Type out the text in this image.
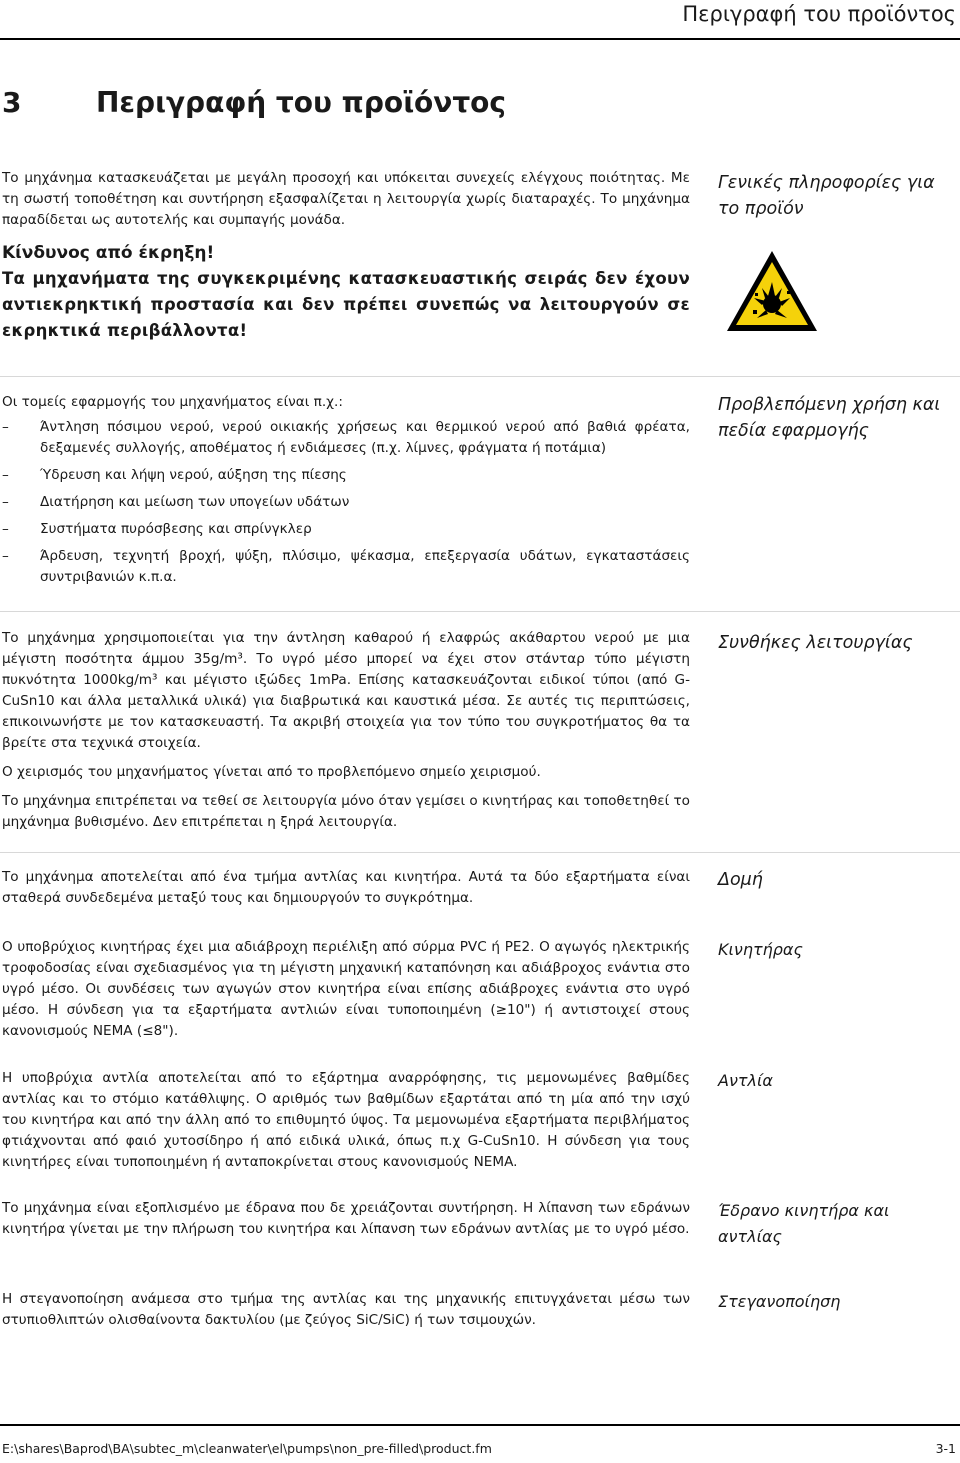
Περιγραφή του προϊόντος
3	Περιγραφή του προϊόντος

Το μηχάνημα κατασκευάζεται με μεγάλη προσοχή και υπόκειται συνεχείς ελέγχους ποιότητας. Με τη σωστή τοποθέτηση και συντήρηση εξασφαλίζεται η λειτουργία χωρίς διαταραχές. Το μηχάνημα παραδίδεται ως αυτοτελής και συμπαγής μονάδα.

Γενικές πληροφορίες για το προϊόν
Κίνδυνος από έκρηξη!
Τα μηχανήματα της συγκεκριμένης κατασκευαστικής σειράς δεν έχουν αντιεκρηκτική προστασία και δεν πρέπει συνεπώς να λειτουργούν σε εκρηκτικά περιβάλλοντα!

Οι τομείς εφαρμογής του μηχανήματος είναι π.χ.:

– Άντληση πόσιμου νερού, νερού οικιακής χρήσεως και θερμικού νερού από βαθιά φρέατα, δεξαμενές συλλογής, αποθέματος ή ενδιάμεσες (π.χ. λίμνες, φράγματα ή ποτάμια)
– Ύδρευση και λήψη νερού, αύξηση της πίεσης
– Διατήρηση και μείωση των υπογείων υδάτων
– Συστήματα πυρόσβεσης και σπρίνγκλερ
– Άρδευση, τεχνητή βροχή, ψύξη, πλύσιμο, ψέκασμα, επεξεργασία υδάτων, εγκαταστάσεις συντριβανιών κ.π.α.
Προβλεπόμενη χρήση και πεδία εφαρμογής

Το μηχάνημα χρησιμοποιείται για την άντληση καθαρού ή ελαφρώς ακάθαρτου νερού με μια μέγιστη ποσότητα άμμου 35g/m³. Το υγρό μέσο μπορεί να έχει στον στάνταρ τύπο μέγιστη πυκνότητα 1000kg/m³ και μέγιστο ιξώδες 1mPa. Επίσης κατασκευάζονται ειδικοί τύποι (από G-CuSn10 και άλλα μεταλλικά υλικά) για διαβρωτικά και καυστικά μέσα. Σε αυτές τις περιπτώσεις, επικοινωνήστε με τον κατασκευαστή. Τα ακριβή στοιχεία για τον τύπο του συγκροτήματος θα τα βρείτε στα τεχνικά στοιχεία.

Ο χειρισμός του μηχανήματος γίνεται από το προβλεπόμενο σημείο χειρισμού.

Το μηχάνημα επιτρέπεται να τεθεί σε λειτουργία μόνο όταν γεμίσει ο κινητήρας και τοποθετηθεί το μηχάνημα βυθισμένο. Δεν επιτρέπεται η ξηρά λειτουργία.

Συνθήκες λειτουργίας

Το μηχάνημα αποτελείται από ένα τμήμα αντλίας και κινητήρα. Αυτά τα δύο εξαρτήματα είναι σταθερά συνδεδεμένα μεταξύ τους και δημιουργούν το συγκρότημα.

Δομή

Ο υποβρύχιος κινητήρας έχει μια αδιάβροχη περιέλιξη από σύρμα PVC ή PE2. Ο αγωγός ηλεκτρικής τροφοδοσίας είναι σχεδιασμένος για τη μέγιστη μηχανική καταπόνηση και αδιάβροχος ενάντια στο υγρό μέσο. Οι συνδέσεις των αγωγών στον κινητήρα είναι επίσης αδιάβροχες ενάντια στο υγρό μέσο. Η σύνδεση για τα εξαρτήματα αντλιών είναι τυποποιημένη (≥10") ή αντιστοιχεί στους κανονισμούς NEMA (≤8").

Κινητήρας

Η υποβρύχια αντλία αποτελείται από το εξάρτημα αναρρόφησης, τις μεμονωμένες βαθμίδες αντλίας και το στόμιο κατάθλιψης. Ο αριθμός των βαθμίδων εξαρτάται από τη μία από την ισχύ του κινητήρα και από την άλλη από το επιθυμητό ύψος. Τα μεμονωμένα εξαρτήματα περιβλήματος φτιάχνονται από φαιό χυτοσίδηρο ή από ειδικά υλικά, όπως π.χ G-CuSn10. Η σύνδεση για τους κινητήρες είναι τυποποιημένη ή ανταποκρίνεται στους κανονισμούς NEMA.

Αντλία

Το μηχάνημα είναι εξοπλισμένο με έδρανα που δε χρειάζονται συντήρηση. Η λίπανση των εδράνων κινητήρα γίνεται με την πλήρωση του κινητήρα και λίπανση των εδράνων αντλίας με το υγρό μέσο.

Έδρανο κινητήρα και αντλίας

Η στεγανοποίηση ανάμεσα στο τμήμα της αντλίας και της μηχανικής επιτυγχάνεται μέσω των στυπιοθλιπτών ολισθαίνοντα δακτυλίου (με ζεύγος SiC/SiC) ή των τσιμουχών.

Στεγανοποίηση
E:\shares\Baprod\BA\subtec_m\cleanwater\el\pumps\non_pre-filled\product.fm	3-1
